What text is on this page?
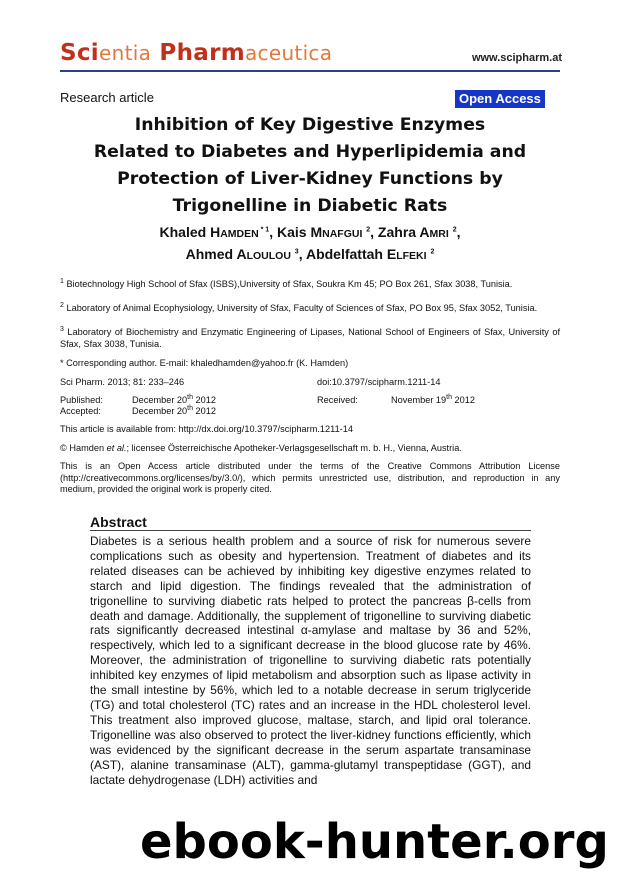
Scientia Pharmaceutica	www.scipharm.at
Research article	Open Access
Inhibition of Key Digestive Enzymes
Related to Diabetes and Hyperlipidemia and
Protection of Liver-Kidney Functions by
Trigonelline in Diabetic Rats
Khaled HAMDEN $^{* 1}$, Kais MNAFGUI $^2$, Zahra AMRI $^2$,
Ahmed ALOULOU $^3$, Abdelfattah ELFEKI $^2$
$^1$ Biotechnology High School of Sfax (ISBS),University of Sfax, Soukra Km 45; PO Box 261, Sfax 3038, Tunisia.
$^2$ Laboratory of Animal Ecophysiology, University of Sfax, Faculty of Sciences of Sfax, PO Box 95, Sfax 3052, Tunisia.
$^3$ Laboratory of Biochemistry and Enzymatic Engineering of Lipases, National School of Engineers of Sfax, University of Sfax, Sfax 3038, Tunisia.
* Corresponding author. E-mail: khaledhamden@yahoo.fr (K. Hamden)
Sci Pharm. 2013; 81: 233–246	doi:10.3797/scipharm.1211-14
Published:	December 20th 2012	Received:	November 19th 2012
Accepted:	December 20th 2012
This article is available from: http://dx.doi.org/10.3797/scipharm.1211-14
© Hamden et al.; licensee Österreichische Apotheker-Verlagsgesellschaft m. b. H., Vienna, Austria.
This is an Open Access article distributed under the terms of the Creative Commons Attribution License (http://creativecommons.org/licenses/by/3.0/), which permits unrestricted use, distribution, and reproduction in any medium, provided the original work is properly cited.
Abstract
Diabetes is a serious health problem and a source of risk for numerous severe complications such as obesity and hypertension. Treatment of diabetes and its related diseases can be achieved by inhibiting key digestive enzymes related to starch and lipid digestion. The findings revealed that the administration of trigonelline to surviving diabetic rats helped to protect the pancreas β-cells from death and damage. Additionally, the supplement of trigonelline to surviving diabetic rats significantly decreased intestinal α-amylase and maltase by 36 and 52%, respectively, which led to a significant decrease in the blood glucose rate by 46%. Moreover, the administration of trigonelline to surviving diabetic rats potentially inhibited key enzymes of lipid metabolism and absorption such as lipase activity in the small intestine by 56%, which led to a notable decrease in serum triglyceride (TG) and total cholesterol (TC) rates and an increase in the HDL cholesterol level. This treatment also improved glucose, maltase, starch, and lipid oral tolerance. Trigonelline was also observed to protect the liver-kidney functions efficiently, which was evidenced by the significant decrease in the serum aspartate transaminase (AST), alanine transaminase (ALT), gamma-glutamyl transpeptidase (GGT), and lactate dehydrogenase (LDH) activities and
ebook-hunter.org
